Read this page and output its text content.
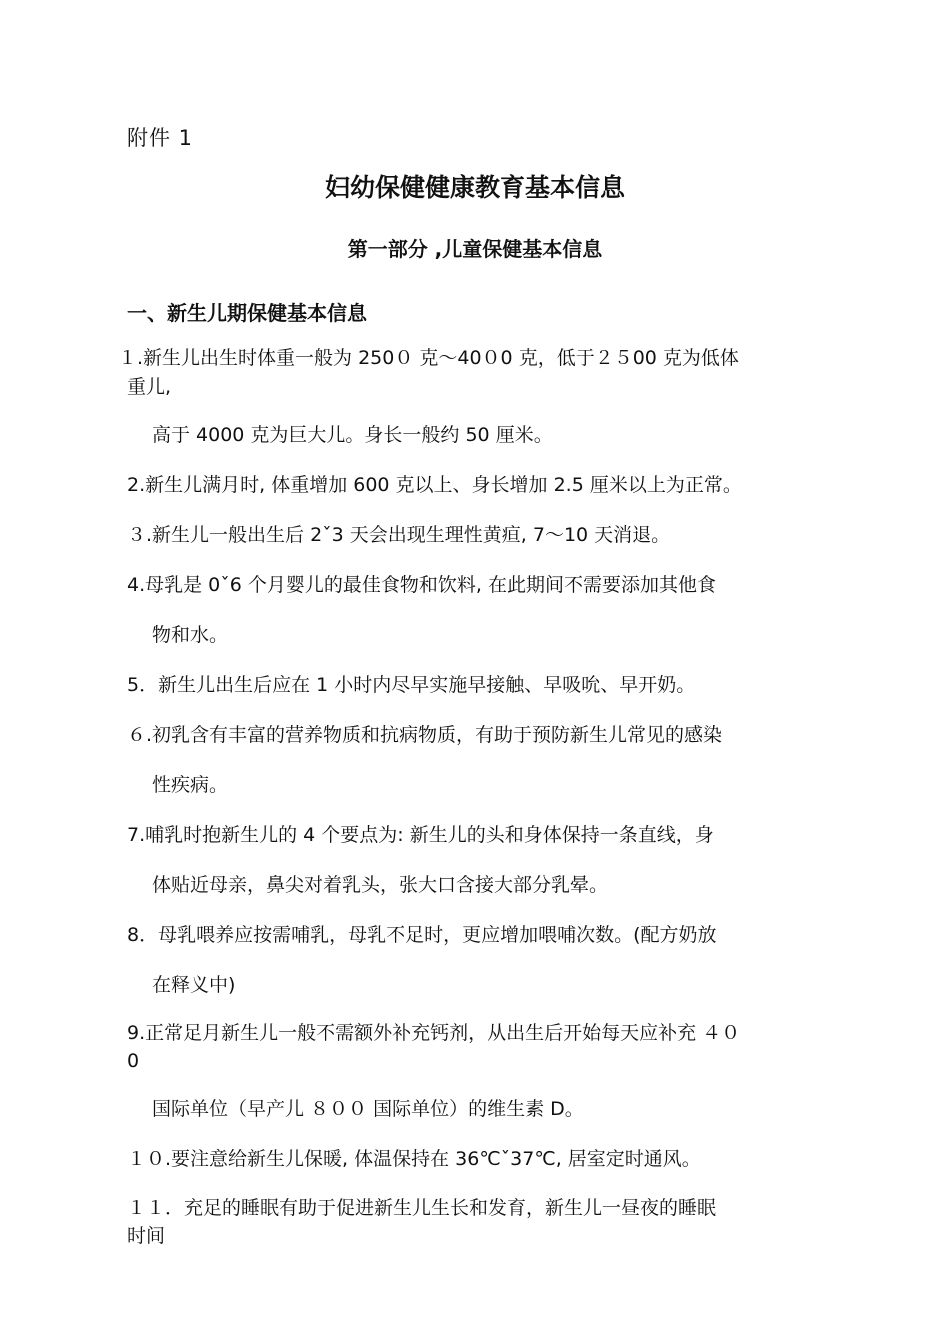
附件 1
妇幼保健健康教育基本信息
第一部分 ,儿童保健基本信息
一、新生儿期保健基本信息
１.新生儿出生时体重一般为 250０ 克～40０0 克，低于２５00 克为低体
重儿,
高于 4000 克为巨大儿。身长一般约 50 厘米。
2.新生儿满月时, 体重增加 600 克以上、身长增加 2.5 厘米以上为正常。
３.新生儿一般出生后 2ˇ3 天会出现生理性黄疸, 7～10 天消退。
4.母乳是 0ˇ6 个月婴儿的最佳食物和饮料, 在此期间不需要添加其他食
物和水。
5．新生儿出生后应在 1 小时内尽早实施早接触、早吸吮、早开奶。
６.初乳含有丰富的营养物质和抗病物质，有助于预防新生儿常见的感染
性疾病。
7.哺乳时抱新生儿的 4 个要点为: 新生儿的头和身体保持一条直线，身
体贴近母亲，鼻尖对着乳头，张大口含接大部分乳晕。
8．母乳喂养应按需哺乳，母乳不足时，更应增加喂哺次数。(配方奶放
在释义中)
9.正常足月新生儿一般不需额外补充钙剂，从出生后开始每天应补充 ４０
0
国际单位（早产儿 ８００ 国际单位）的维生素 D。
１０.要注意给新生儿保暖, 体温保持在 36℃ˇ37℃, 居室定时通风。
１１．充足的睡眠有助于促进新生儿生长和发育，新生儿一昼夜的睡眠
时间
